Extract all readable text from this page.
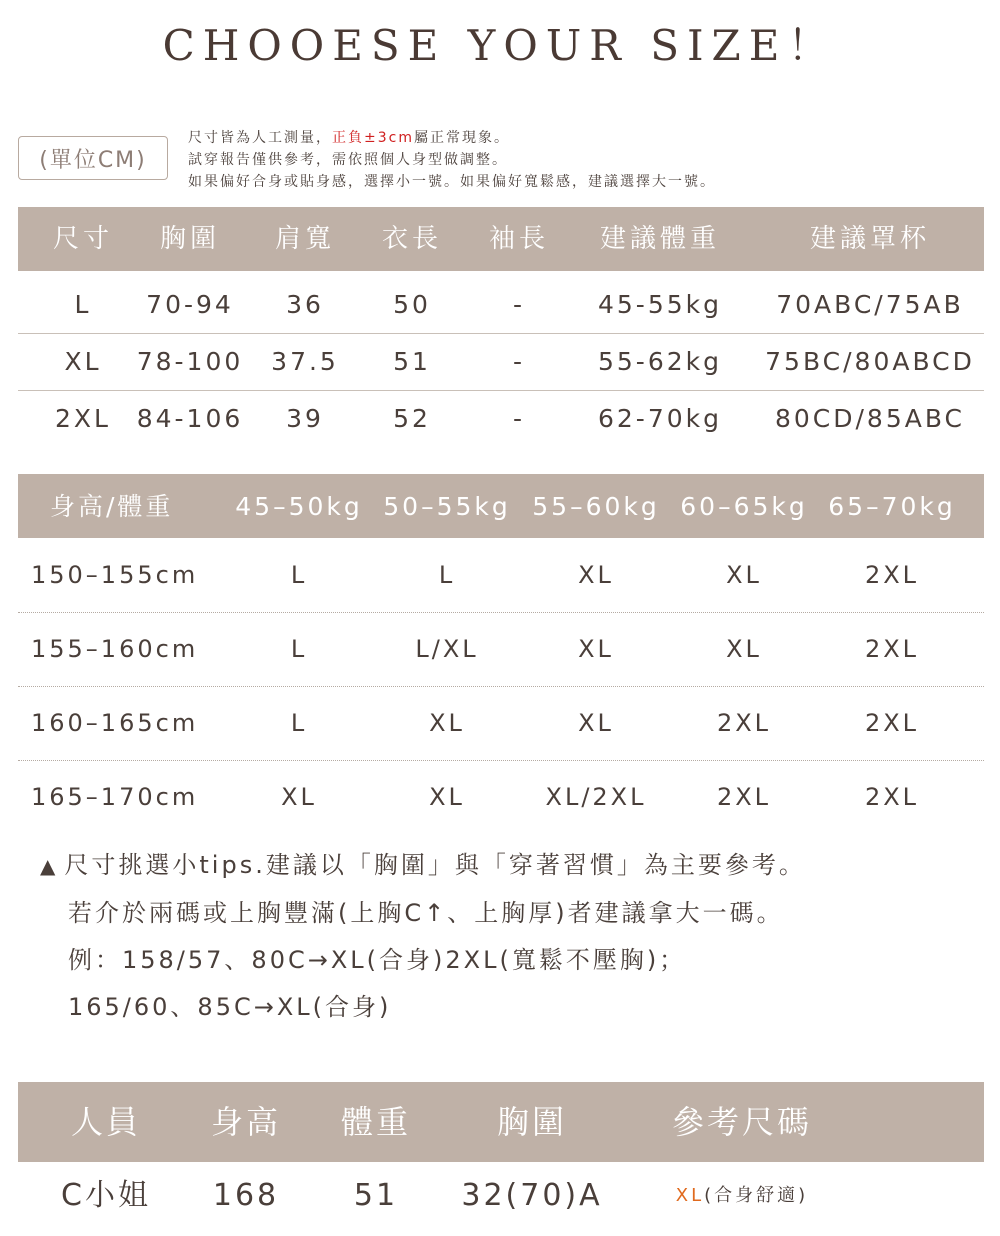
CHOOESE YOUR SIZE！
(單位CM)
尺寸皆為人工測量，正負±3cm屬正常現象。
試穿報告僅供參考，需依照個人身型做調整。
如果偏好合身或貼身感，選擇小一號。如果偏好寬鬆感，建議選擇大一號。
尺寸 胸圍 肩寬 衣長 袖長 建議體重	建議罩杯
L 70-94 36	50	-	45-55kg 70ABC/75AB
XL 78-100 37.5 51	-	55-62kg 75BC/80ABCD
2XL 84-106 39	52	-	62-70kg 80CD/85ABC
身高/體重 45–50kg 50–55kg 55–60kg 60–65kg 65–70kg
150–155cm	L	L	XL	XL	2XL
155–160cm	L	L/XL	XL	XL	2XL
160–165cm	L	XL	XL	2XL	2XL
165–170cm	XL	XL	XL/2XL	2XL	2XL
▲ 尺寸挑選小tips.建議以「胸圍」與「穿著習慣」為主要參考。
若介於兩碼或上胸豐滿(上胸C↑、上胸厚)者建議拿大一碼。
例：158/57、80C→XL(合身)2XL(寬鬆不壓胸)；
165/60、85C→XL(合身)
人員 身高 體重	胸圍	參考尺碼
C小姐 168 51 32(70)A	XL(合身舒適)
